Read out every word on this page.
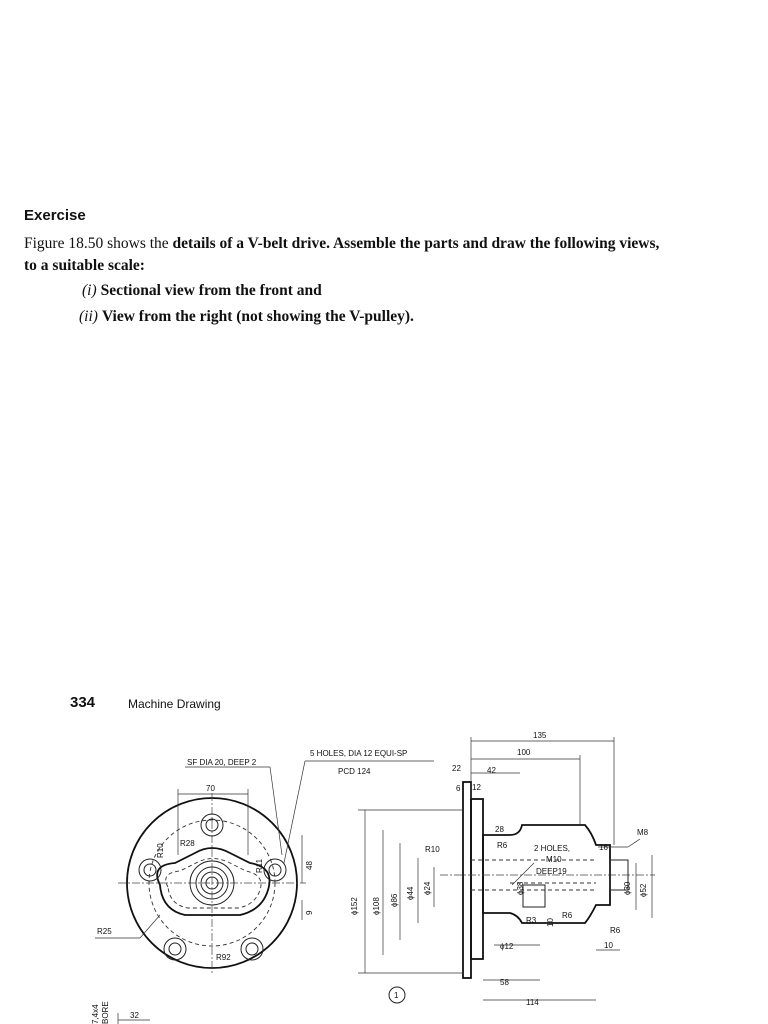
Exercise
Figure 18.50 shows the details of a V-belt drive. Assemble the parts and draw the following views,
to a suitable scale:
(i) Sectional view from the front and
(ii) View from the right (not showing the V-pulley).
334	Machine Drawing
SF DIA 20, DEEP 2
5 HOLES, DIA 12 EQUI-SP
PCD 124
70
R28
R10
R11	48
9
R25
R92
135
100
22	42
6 12
28
R10	R6	2 HOLES,
M10
DEEP19
16
M8
ϕ152 ϕ108 ϕ86
ϕ44 ϕ24	ϕ38	ϕ30 ϕ52
R3 10
R6
R6
10
ϕ12
58
114
1
7,4x4 BORE	32
